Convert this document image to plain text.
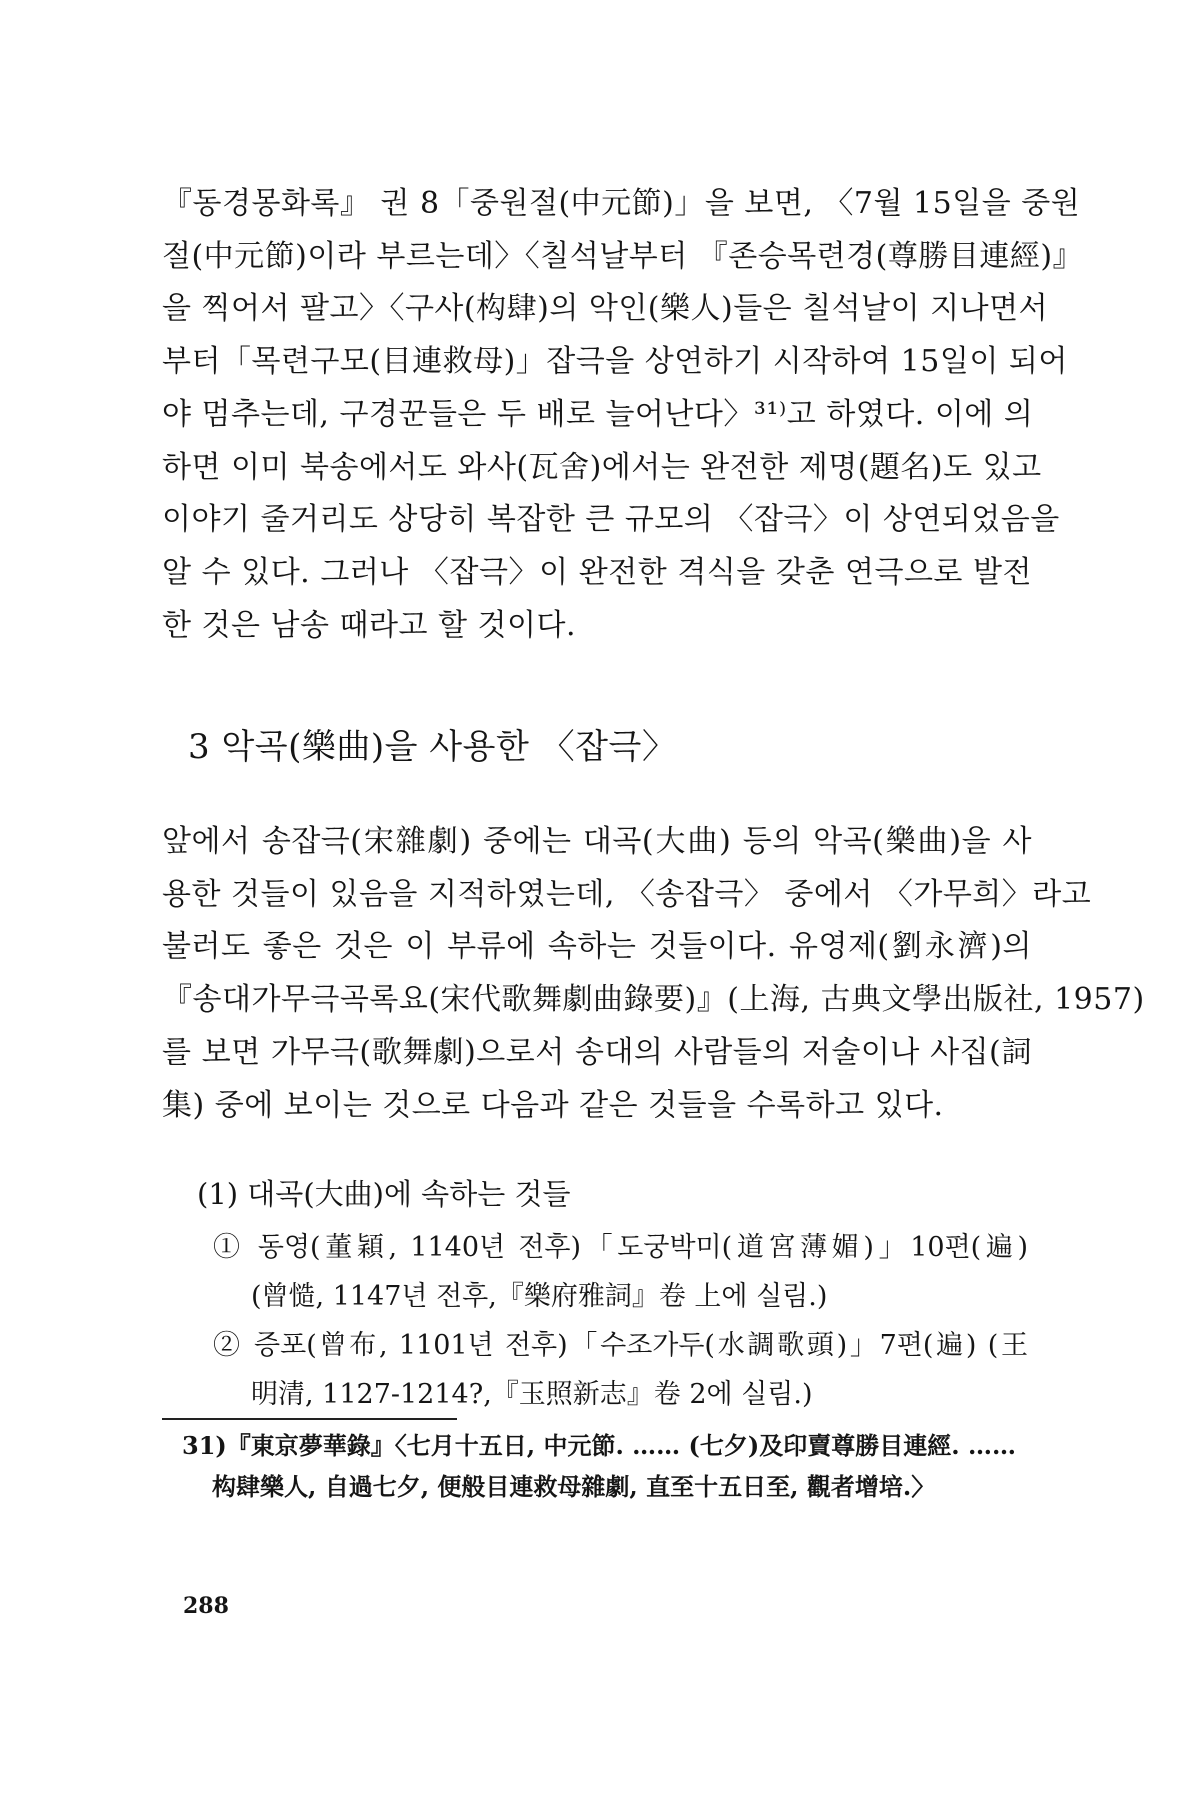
『동경몽화록』 권 8「중원절(中元節)」을 보면, 〈7월 15일을 중원
절(中元節)이라 부르는데〉〈칠석날부터 『존승목련경(尊勝目連經)』
을 찍어서 팔고〉〈구사(构肆)의 악인(樂人)들은 칠석날이 지나면서
부터「목련구모(目連救母)」잡극을 상연하기 시작하여 15일이 되어
야 멈추는데, 구경꾼들은 두 배로 늘어난다〉³¹⁾고 하였다. 이에 의
하면 이미 북송에서도 와사(瓦舍)에서는 완전한 제명(題名)도 있고
이야기 줄거리도 상당히 복잡한 큰 규모의 〈잡극〉이 상연되었음을
알 수 있다. 그러나 〈잡극〉이 완전한 격식을 갖춘 연극으로 발전
한 것은 남송 때라고 할 것이다.
3 악곡(樂曲)을 사용한 〈잡극〉
앞에서 송잡극(宋雜劇) 중에는 대곡(大曲) 등의 악곡(樂曲)을 사
용한 것들이 있음을 지적하였는데, 〈송잡극〉 중에서 〈가무희〉라고
불러도 좋은 것은 이 부류에 속하는 것들이다. 유영제(劉永濟)의
『송대가무극곡록요(宋代歌舞劇曲錄要)』(上海, 古典文學出版社, 1957)
를 보면 가무극(歌舞劇)으로서 송대의 사람들의 저술이나 사집(詞
集) 중에 보이는 것으로 다음과 같은 것들을 수록하고 있다.

(1) 대곡(大曲)에 속하는 것들

① 동영(董穎, 1140년 전후)「도궁박미(道宮薄媚)」10편(遍)
(曾慥, 1147년 전후,『樂府雅詞』卷 上에 실림.)
② 증포(曾布, 1101년 전후)「수조가두(水調歌頭)」7편(遍) (王
明清, 1127-1214?,『玉照新志』卷 2에 실림.)
31)『東京夢華錄』〈七月十五日, 中元節. …… (七夕)及印賣尊勝目連經. ……
构肆樂人, 自過七夕, 便般目連救母雜劇, 直至十五日至, 觀者增培.〉

288
